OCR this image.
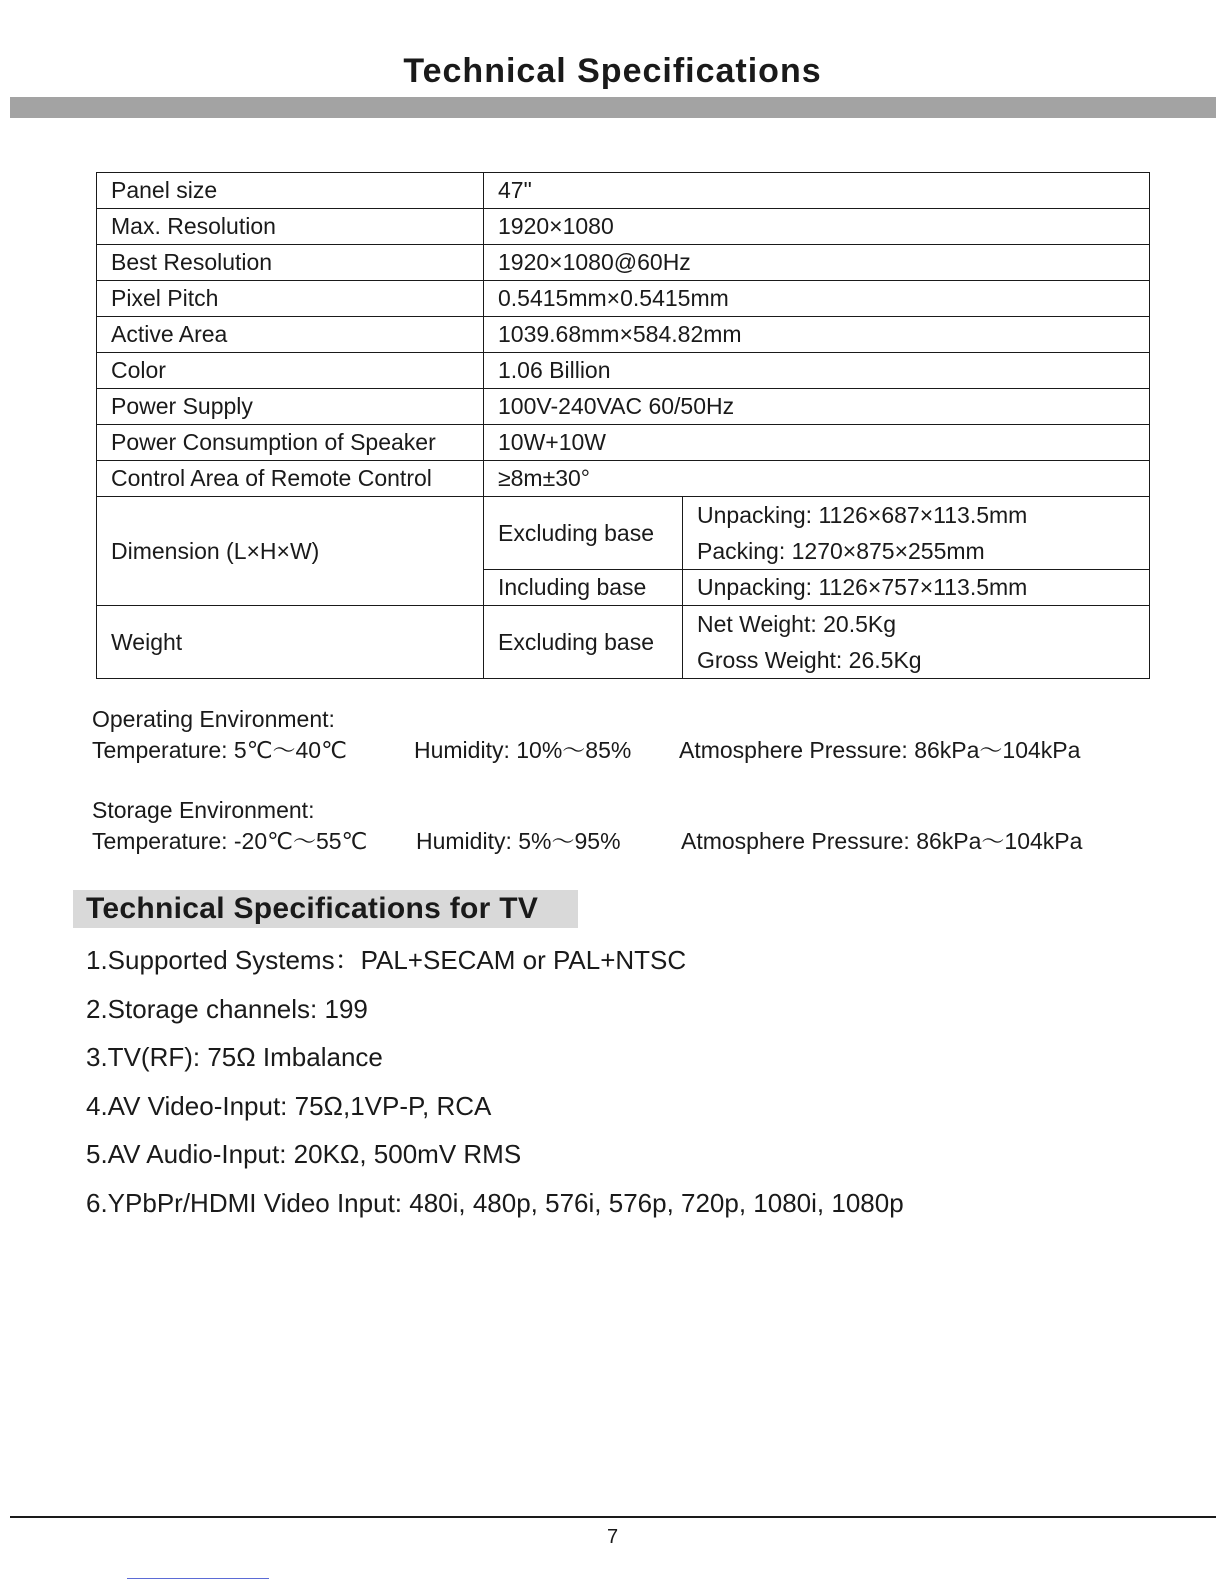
Technical Specifications
Panel size	47"	
Max. Resolution	1920×1080	
Best Resolution	1920×1080@60Hz	
Pixel Pitch	0.5415mm×0.5415mm	
Active Area	1039.68mm×584.82mm	
Color	1.06 Billion	
Power Supply	100V-240VAC 60/50Hz	
Power Consumption of Speaker	10W+10W	
Control Area of Remote Control	≥8m±30°	
Dimension (L×H×W)	Excluding base	Unpacking: 1126×687×113.5mm
Packing: 1270×875×255mm

	Including base	Unpacking: 1126×757×113.5mm
Weight	Excluding base	Net Weight: 20.5Kg
Gross Weight: 26.5Kg
Operating Environment:
Temperature: 5℃～40℃	Humidity: 10%～85% Atmosphere Pressure: 86kPa～104kPa
Storage Environment:
Temperature: -20℃～55℃ Humidity: 5%～95%	Atmosphere Pressure: 86kPa～104kPa
Technical Specifications for TV
1.Supported Systems：PAL+SECAM or PAL+NTSC
2.Storage channels: 199
3.TV(RF): 75Ω Imbalance
4.AV Video-Input: 75Ω,1VP-P, RCA
5.AV Audio-Input: 20KΩ, 500mV RMS
6.YPbPr/HDMI Video Input: 480i, 480p, 576i, 576p, 720p, 1080i, 1080p
7
